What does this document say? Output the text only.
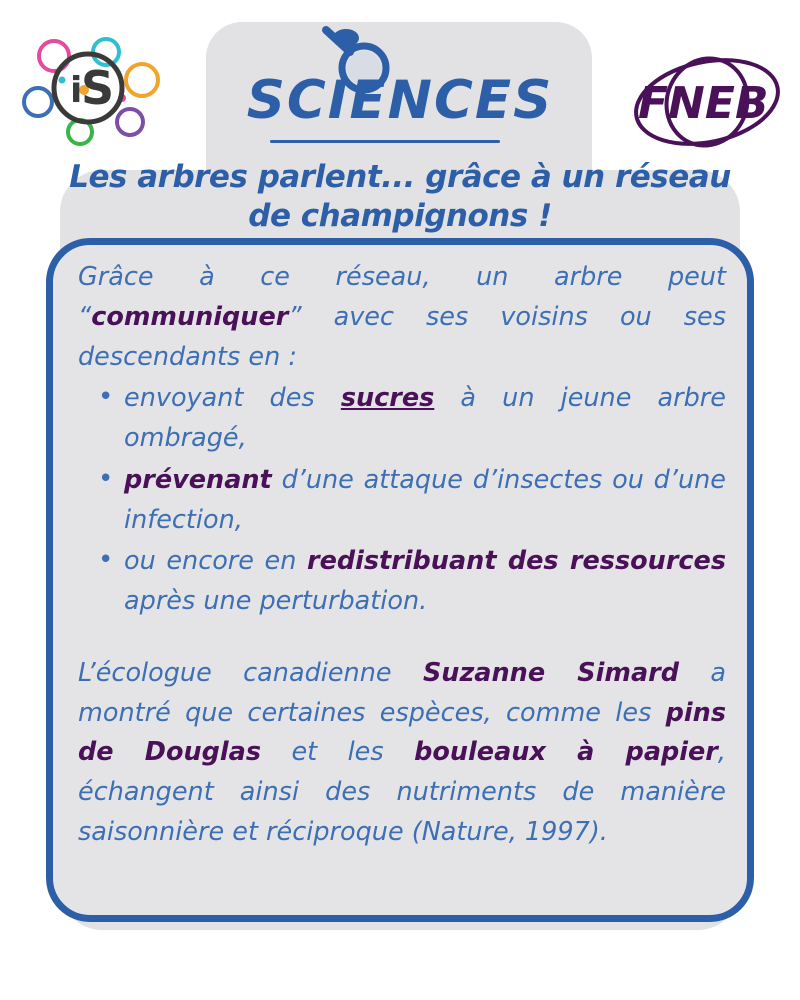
i
S	SCIENCES	FNEB
Les arbres parlent... grâce à un réseau de champignons !

Grâce à ce réseau, un arbre peut “communiquer” avec ses voisins ou ses descendants en :

• envoyant des sucres à un jeune arbre ombragé,
• prévenant d’une attaque d’insectes ou d’une infection,
• ou encore en redistribuant des ressources après une perturbation.

L’écologue canadienne Suzanne Simard a montré que certaines espèces, comme les pins de Douglas et les bouleaux à papier, échangent ainsi des nutriments de manière saisonnière et réciproque (Nature, 1997).
